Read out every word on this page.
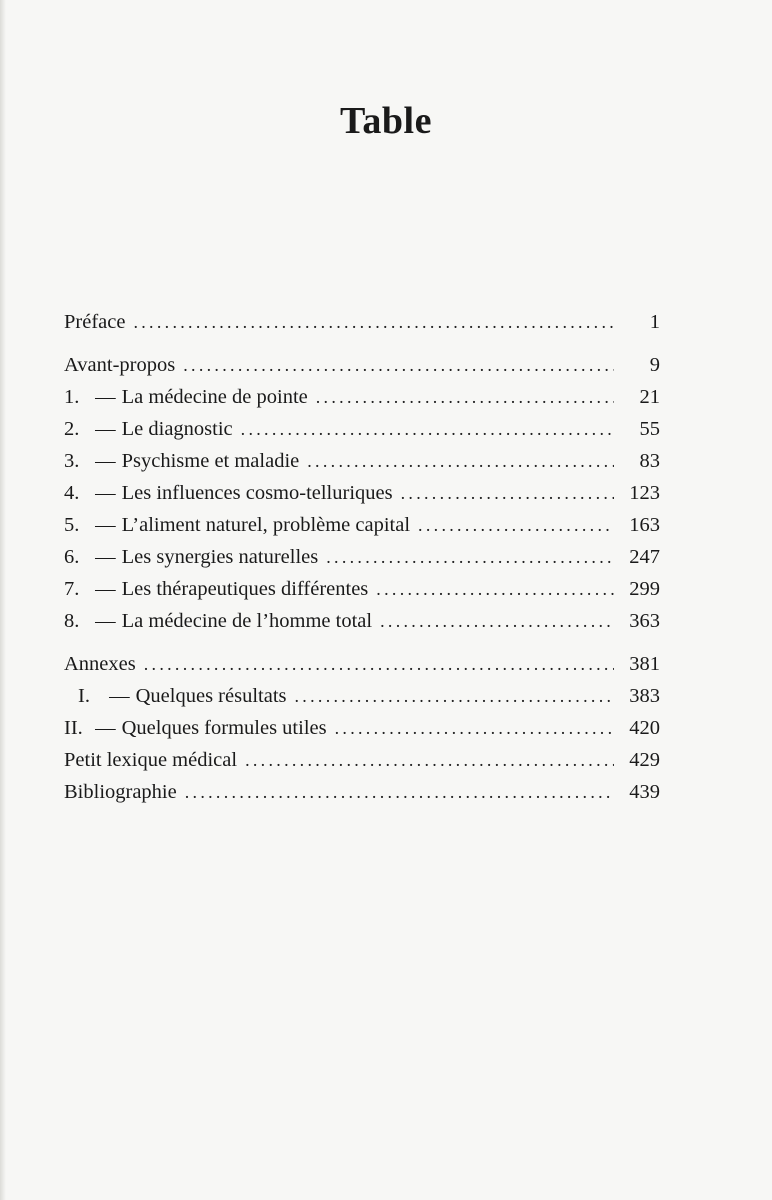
Table
Préface . . .	1
Avant-propos . . .	9
1. — La médecine de pointe . . .	21
2. — Le diagnostic . . .	55
3. — Psychisme et maladie . . .	83
4. — Les influences cosmo-telluriques . . .	123
5. — L’aliment naturel, problème capital . . .	163
6. — Les synergies naturelles . . .	247
7. — Les thérapeutiques différentes . . .	299
8. — La médecine de l’homme total . . .	363
Annexes . . .	381
I. — Quelques résultats . . .	383
II. — Quelques formules utiles . . .	420
Petit lexique médical . . .	429
Bibliographie . . .	439
